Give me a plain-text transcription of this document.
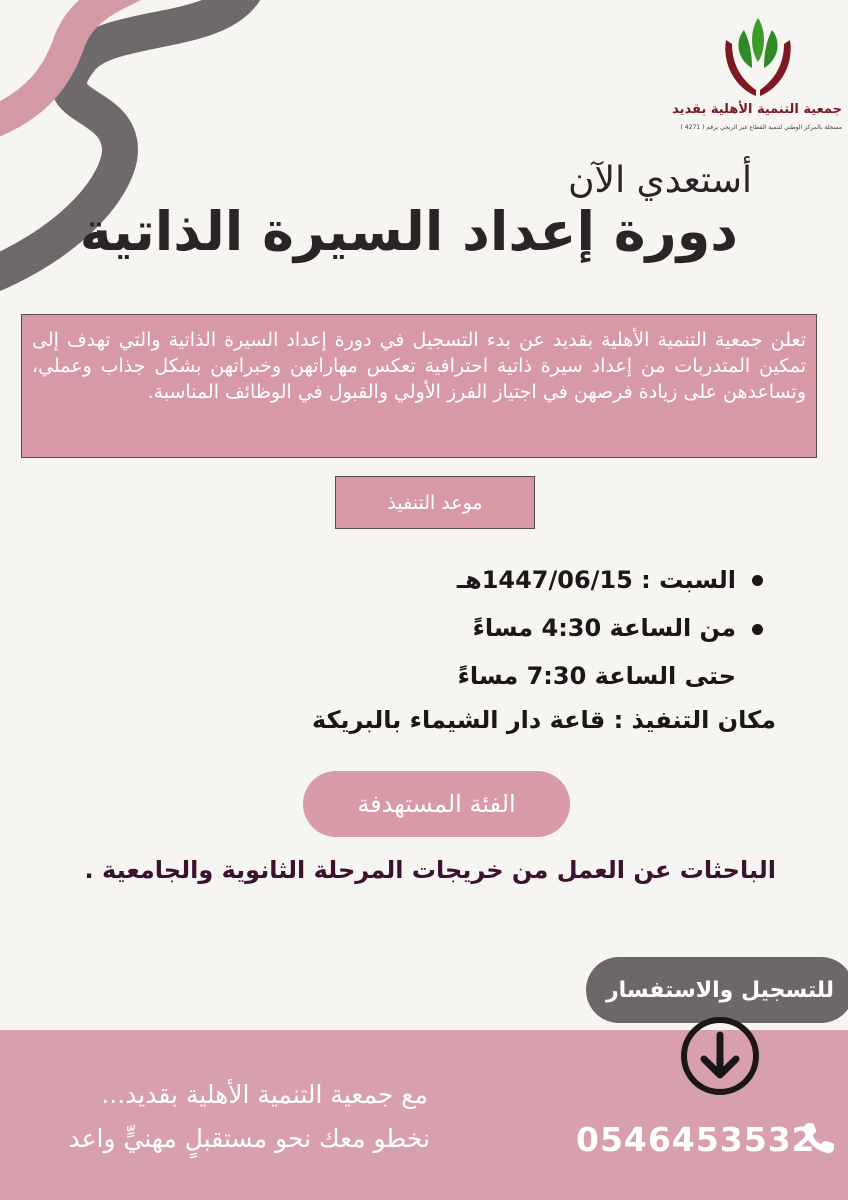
جمعية التنمية الأهلية بقديد
مسجلة بالمركز الوطني لتنمية القطاع غير الربحي برقم ( 4271 )
أستعدي الآن
دورة إعداد السيرة الذاتية
تعلن جمعية التنمية الأهلية بقديد عن بدء التسجيل في دورة إعداد السيرة الذاتية والتي تهدف إلى تمكين المتدربات من إعداد سيرة ذاتية احترافية تعكس مهاراتهن وخبراتهن بشكل جذاب وعملي، وتساعدهن على زيادة فرصهن في اجتياز الفرز الأولي والقبول في الوظائف المناسبة.
موعد التنفيذ
السبت : 1447/06/15هـ
من الساعة 4:30 مساءً
حتى الساعة 7:30 مساءً
مكان التنفيذ : قاعة دار الشيماء بالبريكة
الفئة المستهدفة
الباحثات عن العمل من خريجات المرحلة الثانوية والجامعية .
للتسجيل والاستفسار
مع جمعية التنمية الأهلية بقديد...
نخطو معك نحو مستقبلٍ مهنيٍّ واعد	0546453532
